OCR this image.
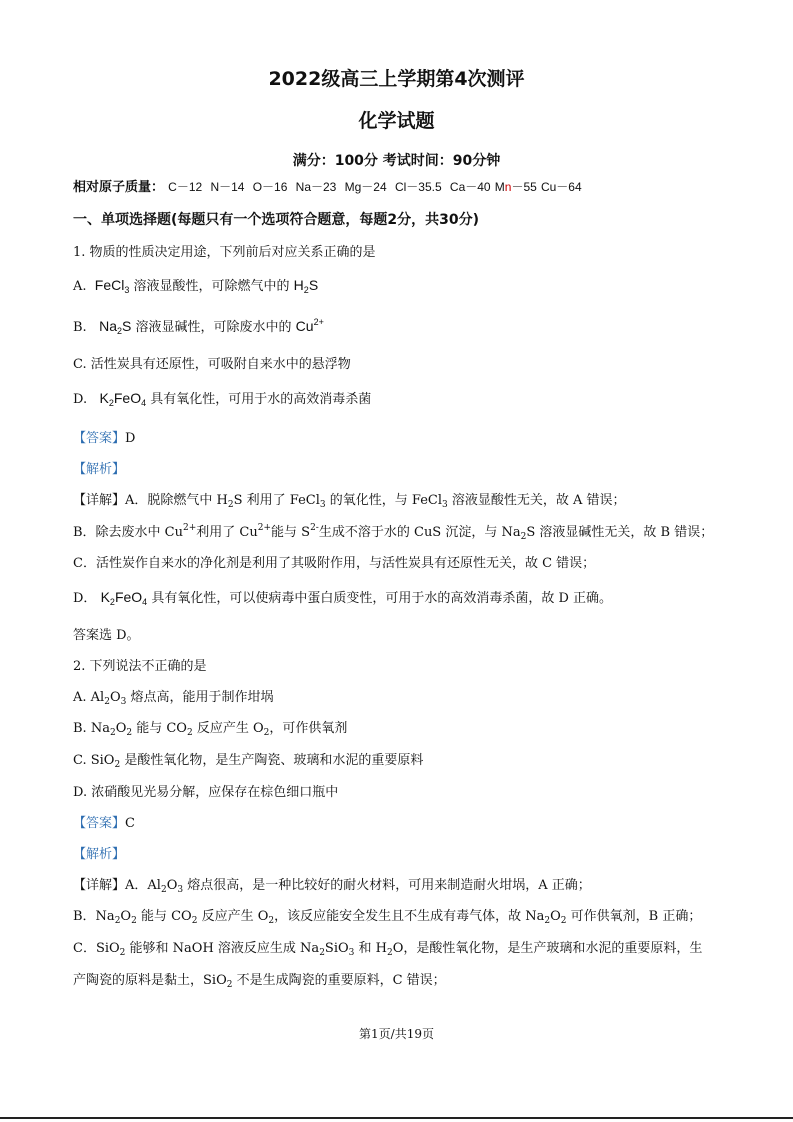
2022级高三上学期第4次测评
化学试题
满分：100分 考试时间：90分钟
相对原子质量： C－12 N－14 O－16 Na－23 Mg－24 Cl－35.5 Ca－40 Mn－55 Cu－64
一、单项选择题(每题只有一个选项符合题意，每题2分，共30分)
1. 物质的性质决定用途，下列前后对应关系正确的是
A. FeCl$_3$ 溶液显酸性，可除燃气中的 $H_2S$
B. $Na_2S$ 溶液显碱性，可除废水中的 $Cu^{2+}$
C. 活性炭具有还原性，可吸附自来水中的悬浮物
D. $K_2FeO_4$ 具有氧化性，可用于水的高效消毒杀菌
【答案】D
【解析】
【详解】A．脱除燃气中 $H_2S$ 利用了 FeCl$_3$ 的氧化性，与 FeCl$_3$ 溶液显酸性无关，故 A 错误；
B．除去废水中 $Cu^{2+}$利用了 $Cu^{2+}$能与 $S^{2-}$生成不溶于水的 CuS 沉淀，与 $Na_2S$ 溶液显碱性无关，故 B 错误；
C．活性炭作自来水的净化剂是利用了其吸附作用，与活性炭具有还原性无关，故 C 错误；
D． $K_2FeO_4$ 具有氧化性，可以使病毒中蛋白质变性，可用于水的高效消毒杀菌，故 D 正确。
答案选 D。
2. 下列说法不正确的是
A. $Al_2O_3$ 熔点高，能用于制作坩埚
B. $Na_2O_2$ 能与 $CO_2$ 反应产生 $O_2$，可作供氧剂
C. SiO$_2$ 是酸性氧化物，是生产陶瓷、玻璃和水泥的重要原料
D. 浓硝酸见光易分解，应保存在棕色细口瓶中
【答案】C
【解析】
【详解】A．$Al_2O_3$ 熔点很高，是一种比较好的耐火材料，可用来制造耐火坩埚，A 正确；
B．$Na_2O_2$ 能与 $CO_2$ 反应产生 $O_2$，该反应能安全发生且不生成有毒气体，故 $Na_2O_2$ 可作供氧剂，B 正确；
C．SiO$_2$ 能够和 NaOH 溶液反应生成 $Na_2SiO_3$ 和 $H_2O$，是酸性氧化物，是生产玻璃和水泥的重要原料，生
产陶瓷的原料是黏土，SiO$_2$ 不是生成陶瓷的重要原料，C 错误；
第1页/共19页
